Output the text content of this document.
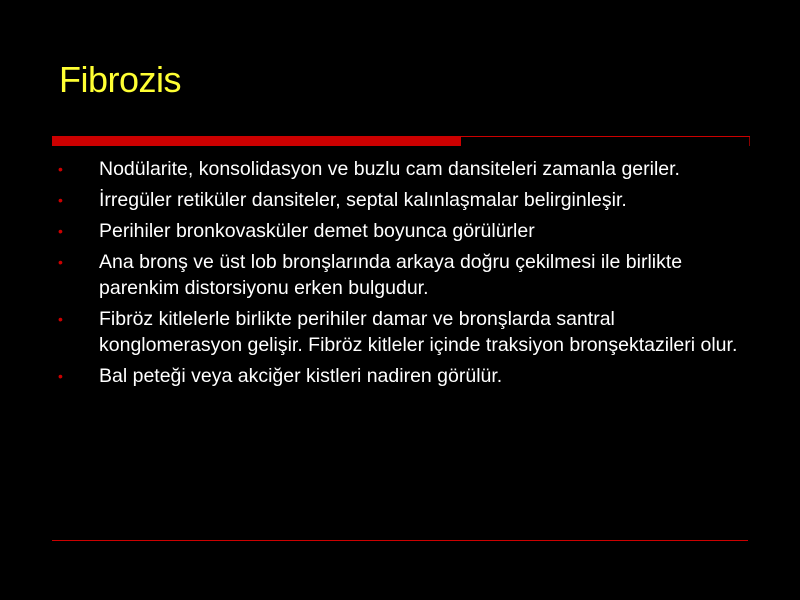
Fibrozis
• Nodülarite, konsolidasyon ve buzlu cam dansiteleri zamanla geriler.
• İrregüler retiküler dansiteler, septal kalınlaşmalar belirginleşir.
• Perihiler bronkovasküler demet boyunca görülürler
• Ana bronş ve üst lob bronşlarında arkaya doğru çekilmesi ile birlikte parenkim distorsiyonu erken bulgudur.
• Fibröz kitlelerle birlikte perihiler damar ve bronşlarda santral konglomerasyon gelişir. Fibröz kitleler içinde traksiyon bronşektazileri olur.
• Bal peteği veya akciğer kistleri nadiren görülür.
